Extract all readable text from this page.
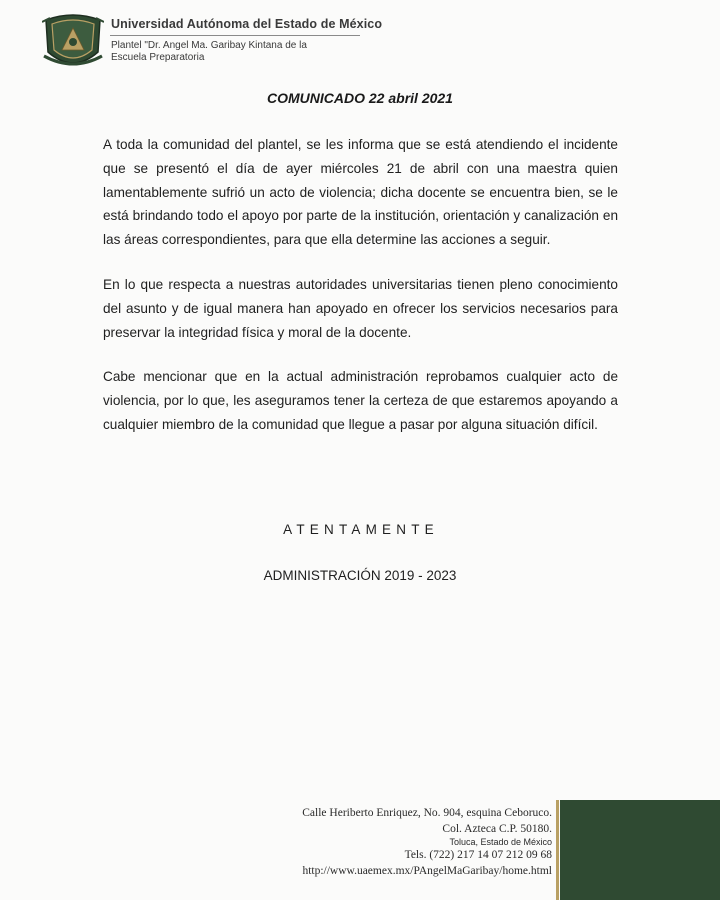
Universidad Autónoma del Estado de México
Plantel "Dr. Angel Ma. Garibay Kintana de la
Escuela Preparatoria
COMUNICADO 22 abril 2021

A toda la comunidad del plantel, se les informa que se está atendiendo el incidente que se presentó el día de ayer miércoles 21 de abril con una maestra quien lamentablemente sufrió un acto de violencia; dicha docente se encuentra bien, se le está brindando todo el apoyo por parte de la institución, orientación y canalización en las áreas correspondientes, para que ella determine las acciones a seguir.

En lo que respecta a nuestras autoridades universitarias tienen pleno conocimiento del asunto y de igual manera han apoyado en ofrecer los servicios necesarios para preservar la integridad física y moral de la docente.

Cabe mencionar que en la actual administración reprobamos cualquier acto de violencia, por lo que, les aseguramos tener la certeza de que estaremos apoyando a cualquier miembro de la comunidad que llegue a pasar por alguna situación difícil.

ATENTAMENTE
ADMINISTRACIÓN 2019 - 2023
Calle Heriberto Enriquez, No. 904, esquina Ceboruco.
Col. Azteca C.P. 50180.
Toluca, Estado de México
Tels. (722) 217 14 07 212 09 68
http://www.uaemex.mx/PAngelMaGaribay/home.html
